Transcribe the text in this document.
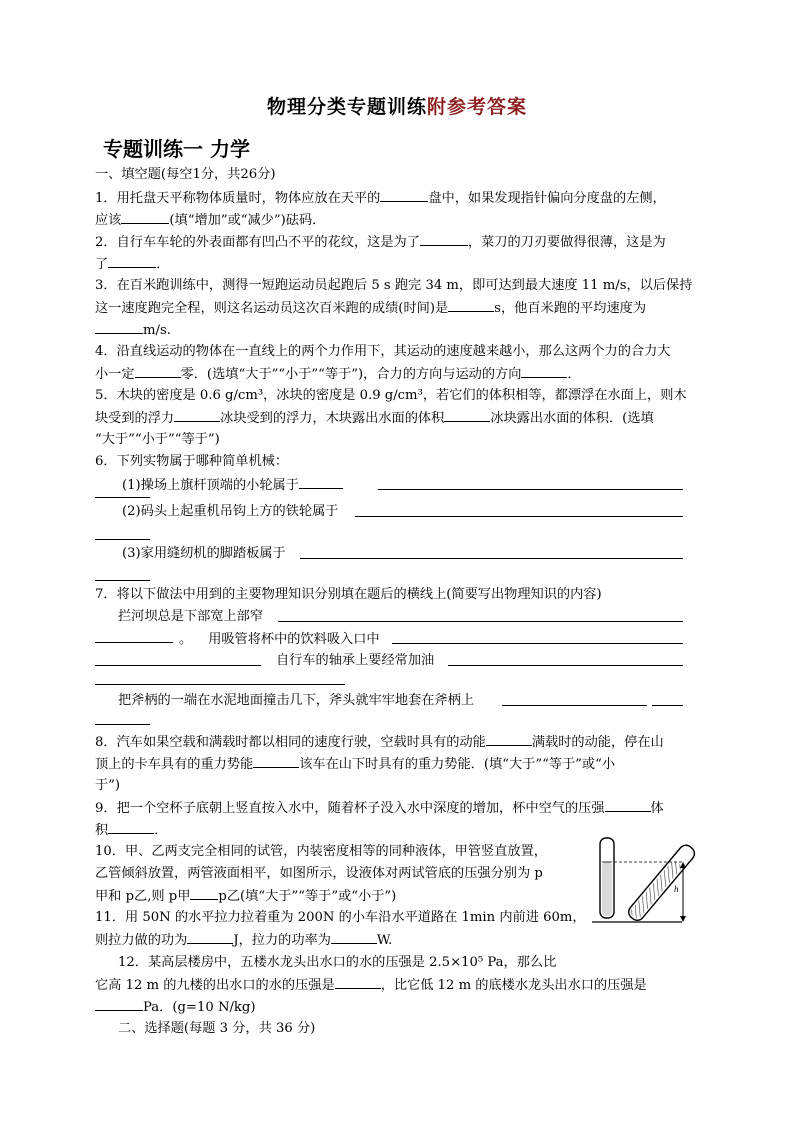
物理分类专题训练附参考答案
专题训练一 力学
一、填空题(每空1分，共26分)
1．用托盘天平称物体质量时，物体应放在天平的	盘中，如果发现指针偏向分度盘的左侧，
应该	(填“增加”或“减少”)砝码．
2．自行车车轮的外表面都有凹凸不平的花纹，这是为了	，菜刀的刀刃要做得很薄，这是为
了	．
3．在百米跑训练中，测得一短跑运动员起跑后 5 s 跑完 34 m，即可达到最大速度 11 m/s，以后保持
这一速度跑完全程，则这名运动员这次百米跑的成绩(时间)是	s，他百米跑的平均速度为
m/s.
4．沿直线运动的物体在一直线上的两个力作用下，其运动的速度越来越小，那么这两个力的合力大
小一定	零．(选填“大于”“小于”“等于”)，合力的方向与运动的方向	．
5．木块的密度是 0.6 g/cm³，冰块的密度是 0.9 g/cm³，若它们的体积相等，都漂浮在水面上，则木
块受到的浮力	冰块受到的浮力，木块露出水面的体积	冰块露出水面的体积．(选填
“大于”“小于”“等于”)
6．下列实物属于哪种简单机械：
(1)操场上旗杆顶端的小轮属于
(2)码头上起重机吊钩上方的铁轮属于
(3)家用缝纫机的脚踏板属于
7．将以下做法中用到的主要物理知识分别填在题后的横线上(简要写出物理知识的内容)
拦河坝总是下部宽上部窄
。 用吸管将杯中的饮料吸入口中
自行车的轴承上要经常加油
把斧柄的一端在水泥地面撞击几下，斧头就牢牢地套在斧柄上
8．汽车如果空载和满载时都以相同的速度行驶，空载时具有的动能	满载时的动能，停在山
顶上的卡车具有的重力势能	该车在山下时具有的重力势能．(填“大于”“等于”或“小
于”)
9．把一个空杯子底朝上竖直按入水中，随着杯子没入水中深度的增加，杯中空气的压强	体
积	．
10．甲、乙两支完全相同的试管，内装密度相等的同种液体，甲管竖直放置，
乙管倾斜放置，两管液面相平，如图所示，设液体对两试管底的压强分别为 p
甲和 p乙,则 p甲 p乙(填“大于”“等于”或“小于”)	h
11．用 50N 的水平拉力拉着重为 200N 的小车沿水平道路在 1min 内前进 60m，
则拉力做的功为	J，拉力的功率为	W.
12．某高层楼房中，五楼水龙头出水口的水的压强是 2.5×10⁵ Pa，那么比
它高 12 m 的九楼的出水口的水的压强是	，比它低 12 m 的底楼水龙头出水口的压强是
Pa．(g=10 N/kg)
二、选择题(每题 3 分，共 36 分)
